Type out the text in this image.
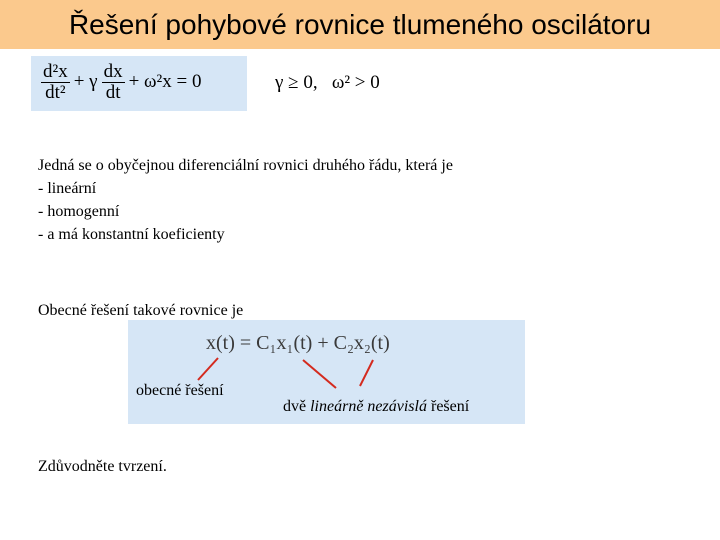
Řešení pohybové rovnice tlumeného oscilátoru
$\frac{\text{d²x}}{\text{dt²}} + \gamma \frac{dx}{dt} + \omega^2x = 0$	γ ≥ 0,   ω² > 0
Jedná se o obyčejnou diferenciální rovnici druhého řádu, která je
- lineární
- homogenní
- a má konstantní koeficienty
Obecné řešení takové rovnice je
x(t) = C₁x₁(t) + C₂x₂(t)
obecné řešení
dvě lineárně nezávislá řešení
Zdůvodněte tvrzení.
